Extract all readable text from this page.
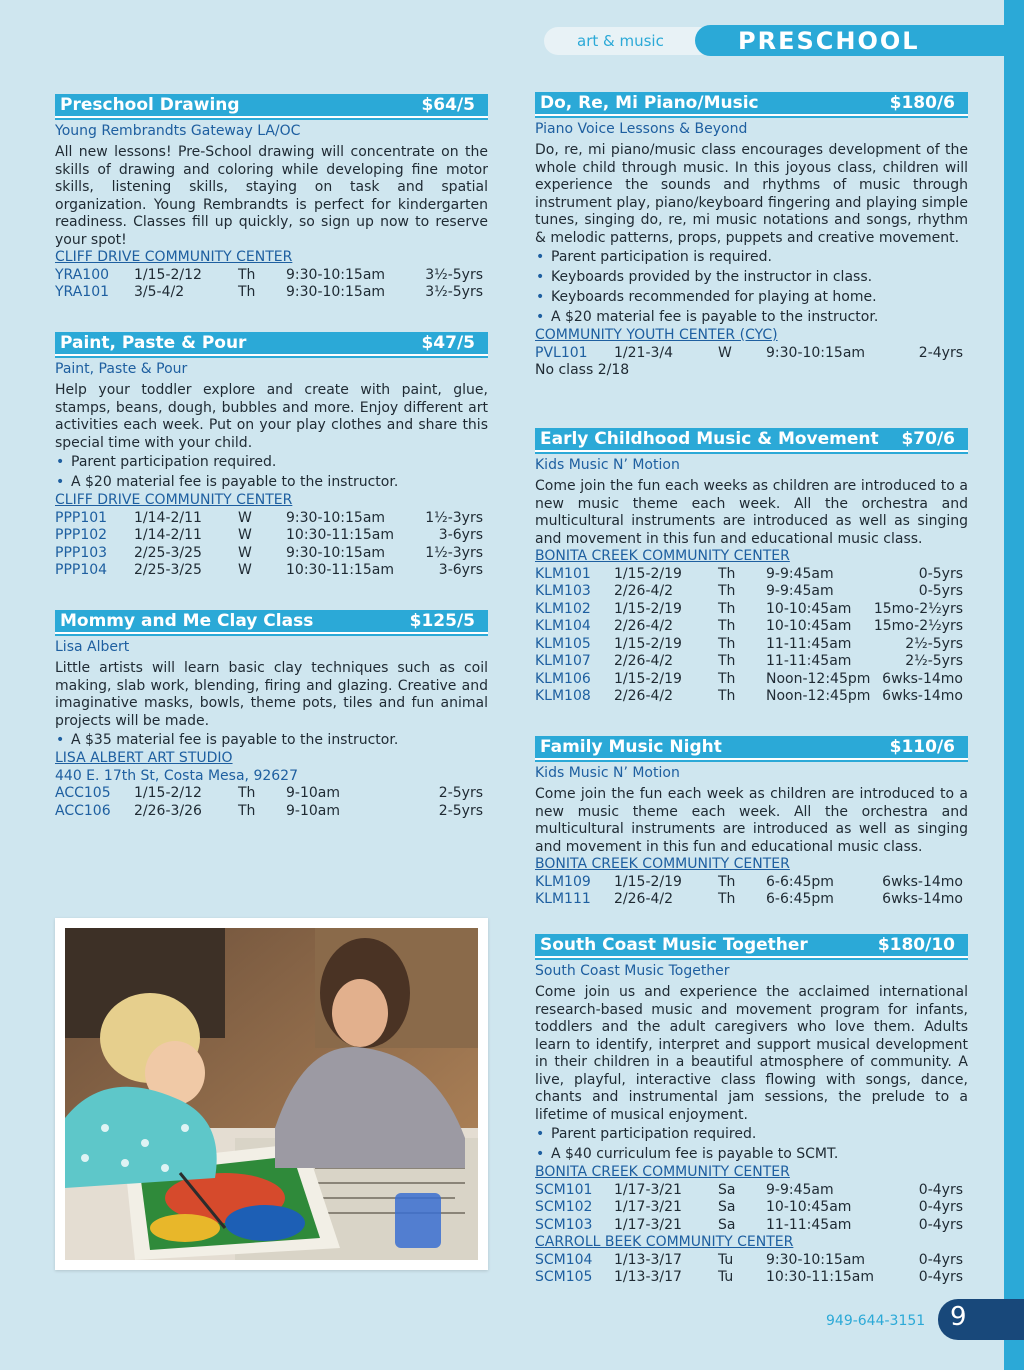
art & music	PRESCHOOL
Preschool Drawing	$64/5
Young Rembrandts Gateway LA/OC
All new lessons! Pre-School drawing will concentrate on the skills of drawing and coloring while developing fine motor skills, listening skills, staying on task and spatial organization. Young Rembrandts is perfect for kindergarten readiness. Classes fill up quickly, so sign up now to reserve your spot!
CLIFF DRIVE COMMUNITY CENTER
YRA100	1/15-2/12	Th	9:30-10:15am	3½-5yrs
YRA101	3/5-4/2	Th	9:30-10:15am	3½-5yrs
Paint, Paste & Pour	$47/5
Paint, Paste & Pour
Help your toddler explore and create with paint, glue, stamps, beans, dough, bubbles and more. Enjoy different art activities each week. Put on your play clothes and share this special time with your child.
• Parent participation required.
• A $20 material fee is payable to the instructor.
CLIFF DRIVE COMMUNITY CENTER
PPP101	1/14-2/11	W	9:30-10:15am	1½-3yrs
PPP102	1/14-2/11	W	10:30-11:15am	3-6yrs
PPP103	2/25-3/25	W	9:30-10:15am	1½-3yrs
PPP104	2/25-3/25	W	10:30-11:15am	3-6yrs
Mommy and Me Clay Class	$125/5
Lisa Albert
Little artists will learn basic clay techniques such as coil making, slab work, blending, firing and glazing. Creative and imaginative masks, bowls, theme pots, tiles and fun animal projects will be made.
• A $35 material fee is payable to the instructor.
LISA ALBERT ART STUDIO
440 E. 17th St, Costa Mesa, 92627
ACC105	1/15-2/12	Th	9-10am	2-5yrs
ACC106	2/26-3/26	Th	9-10am	2-5yrs
Do, Re, Mi Piano/Music	$180/6
Piano Voice Lessons & Beyond
Do, re, mi piano/music class encourages development of the whole child through music. In this joyous class, children will experience the sounds and rhythms of music through instrument play, piano/keyboard fingering and playing simple tunes, singing do, re, mi music notations and songs, rhythm & melodic patterns, props, puppets and creative movement.
• Parent participation is required.
• Keyboards provided by the instructor in class.
• Keyboards recommended for playing at home.
• A $20 material fee is payable to the instructor.
COMMUNITY YOUTH CENTER (CYC)
PVL101	1/21-3/4	W	9:30-10:15am	2-4yrs
No class 2/18
Early Childhood Music & Movement $70/6
Kids Music N’ Motion
Come join the fun each weeks as children are introduced to a new music theme each week. All the orchestra and multicultural instruments are introduced as well as singing and movement in this fun and educational music class.
BONITA CREEK COMMUNITY CENTER
KLM101	1/15-2/19	Th	9-9:45am	0-5yrs
KLM103	2/26-4/2	Th	9-9:45am	0-5yrs
KLM102	1/15-2/19	Th	10-10:45am	15mo-2½yrs
KLM104	2/26-4/2	Th	10-10:45am	15mo-2½yrs
KLM105	1/15-2/19	Th	11-11:45am	2½-5yrs
KLM107	2/26-4/2	Th	11-11:45am	2½-5yrs
KLM106	1/15-2/19	Th	Noon-12:45pm	6wks-14mo
KLM108	2/26-4/2	Th	Noon-12:45pm	6wks-14mo
Family Music Night	$110/6
Kids Music N’ Motion
Come join the fun each week as children are introduced to a new music theme each week. All the orchestra and multicultural instruments are introduced as well as singing and movement in this fun and educational music class.
BONITA CREEK COMMUNITY CENTER
KLM109	1/15-2/19	Th	6-6:45pm	6wks-14mo
KLM111	2/26-4/2	Th	6-6:45pm	6wks-14mo
South Coast Music Together	$180/10
South Coast Music Together
Come join us and experience the acclaimed international research-based music and movement program for infants, toddlers and the adult caregivers who love them. Adults learn to identify, interpret and support musical development in their children in a beautiful atmosphere of community. A live, playful, interactive class flowing with songs, dance, chants and instrumental jam sessions, the prelude to a lifetime of musical enjoyment.
• Parent participation required.
• A $40 curriculum fee is payable to SCMT.
BONITA CREEK COMMUNITY CENTER
SCM101	1/17-3/21	Sa	9-9:45am	0-4yrs
SCM102	1/17-3/21	Sa	10-10:45am	0-4yrs
SCM103	1/17-3/21	Sa	11-11:45am	0-4yrs
CARROLL BEEK COMMUNITY CENTER
SCM104	1/13-3/17	Tu	9:30-10:15am	0-4yrs
SCM105	1/13-3/17	Tu	10:30-11:15am	0-4yrs
949-644-3151 9
